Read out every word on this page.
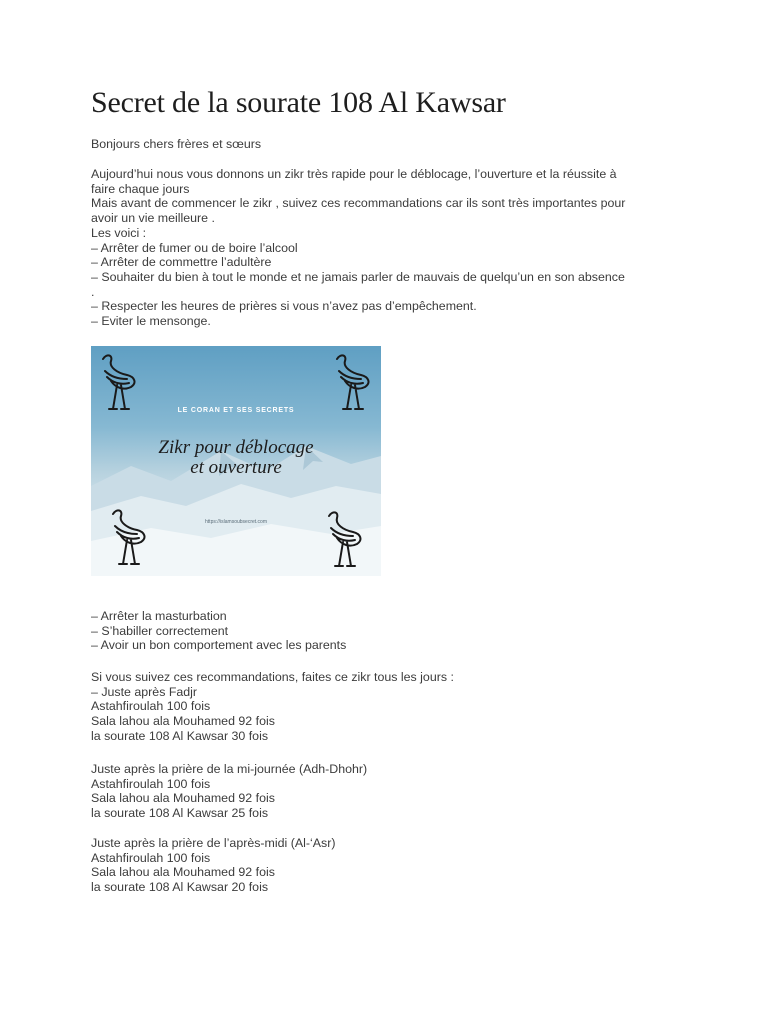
Secret de la sourate 108 Al Kawsar
Bonjours chers frères et sœurs
Aujourd’hui nous vous donnons un zikr très rapide pour le déblocage, l’ouverture et la réussite à
faire chaque jours
Mais avant de commencer le zikr , suivez ces recommandations car ils sont très importantes pour
avoir un vie meilleure .
Les voici :
– Arrêter de fumer ou de boire l’alcool
– Arrêter de commettre l’adultère
– Souhaiter du bien à tout le monde et ne jamais parler de mauvais de quelqu’un en son absence
.
– Respecter les heures de prières si vous n’avez pas d’empêchement.
– Eviter le mensonge.
LE CORAN ET SES SECRETS
Zikr pour déblocage
et ouverture
https://islamsoubsecret.com
– Arrêter la masturbation
– S’habiller correctement
– Avoir un bon comportement avec les parents
Si vous suivez ces recommandations, faites ce zikr tous les jours :
– Juste après Fadjr
Astahfiroulah 100 fois
Sala lahou ala Mouhamed 92 fois
la sourate 108 Al Kawsar 30 fois
Juste après la prière de la mi-journée (Adh-Dhohr)
Astahfiroulah 100 fois
Sala lahou ala Mouhamed 92 fois
la sourate 108 Al Kawsar 25 fois
Juste après la prière de l’après-midi (Al-‘Asr)
Astahfiroulah 100 fois
Sala lahou ala Mouhamed 92 fois
la sourate 108 Al Kawsar 20 fois
